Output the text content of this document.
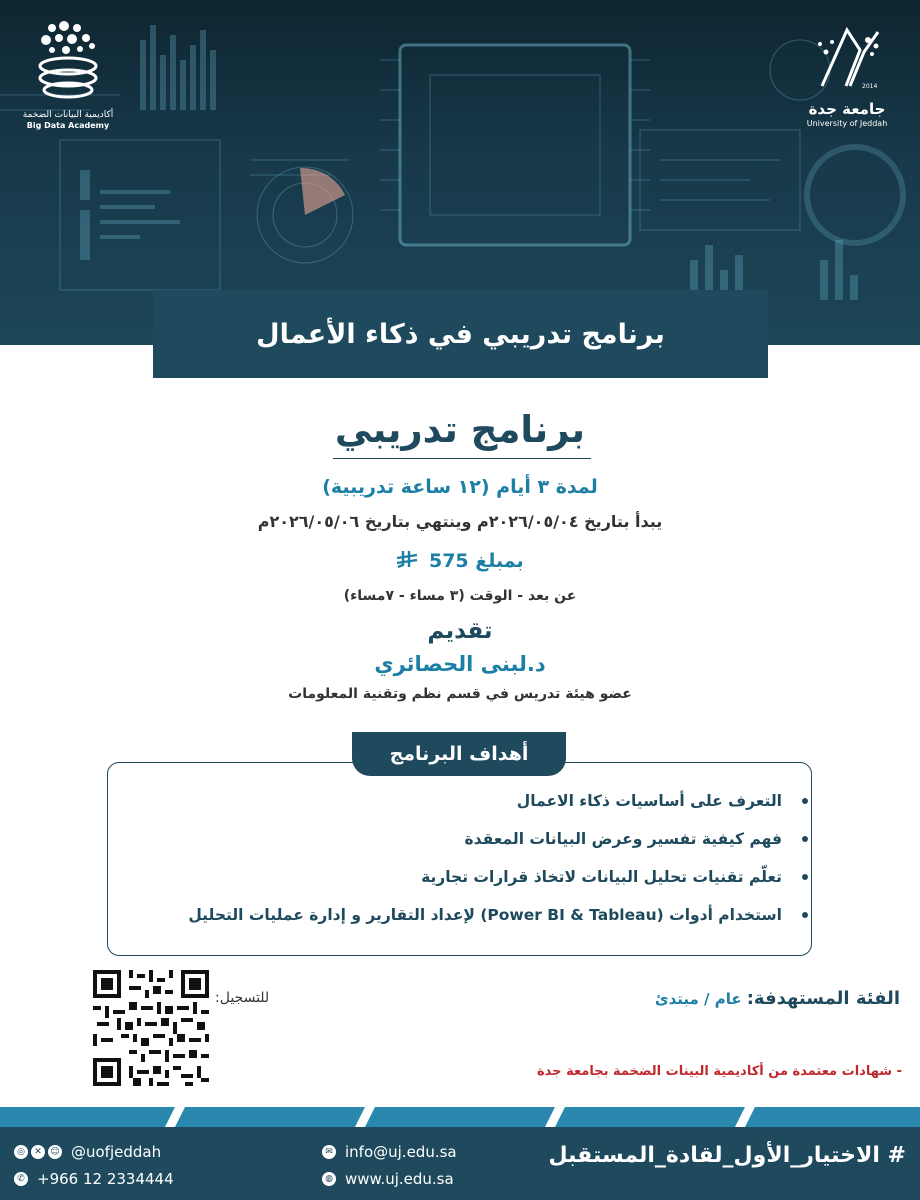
أكاديمية البيانات الضخمة
Big Data Academy
2014
جامعة جدة
University of Jeddah
برنامج تدريبي في ذكاء الأعمال
برنامج تدريبي
لمدة ٣ أيام (١٢ ساعة تدريبية)
يبدأ بتاريخ ٢٠٢٦/٠٥/٠٤م وينتهي بتاريخ ٢٠٢٦/٠٥/٠٦م
بمبلغ 575
عن بعد - الوقت (٣ مساء - ٧مساء)
تقديم
د.لبنى الحصائري
عضو هيئة تدريس في قسم نظم وتقنية المعلومات
أهداف البرنامج
التعرف على أساسيات ذكاء الاعمال
فهم كيفية تفسير وعرض البيانات المعقدة
تعلّم تقنيات تحليل البيانات لاتخاذ قرارات تجارية
استخدام أدوات (Power BI & Tableau) لإعداد التقارير و إدارة عمليات التحليل
للتسجيل:	الفئة المستهدفة: عام / مبتدئ
- شهادات معتمدة من أكاديمية البينات الضخمة بجامعة جدة
◎	✕ ☺ @uofjeddah
✆ +966 12 2334444
✉ info@uj.edu.sa
◍ www.uj.edu.sa
# الاختيار_الأول_لقادة_المستقبل
